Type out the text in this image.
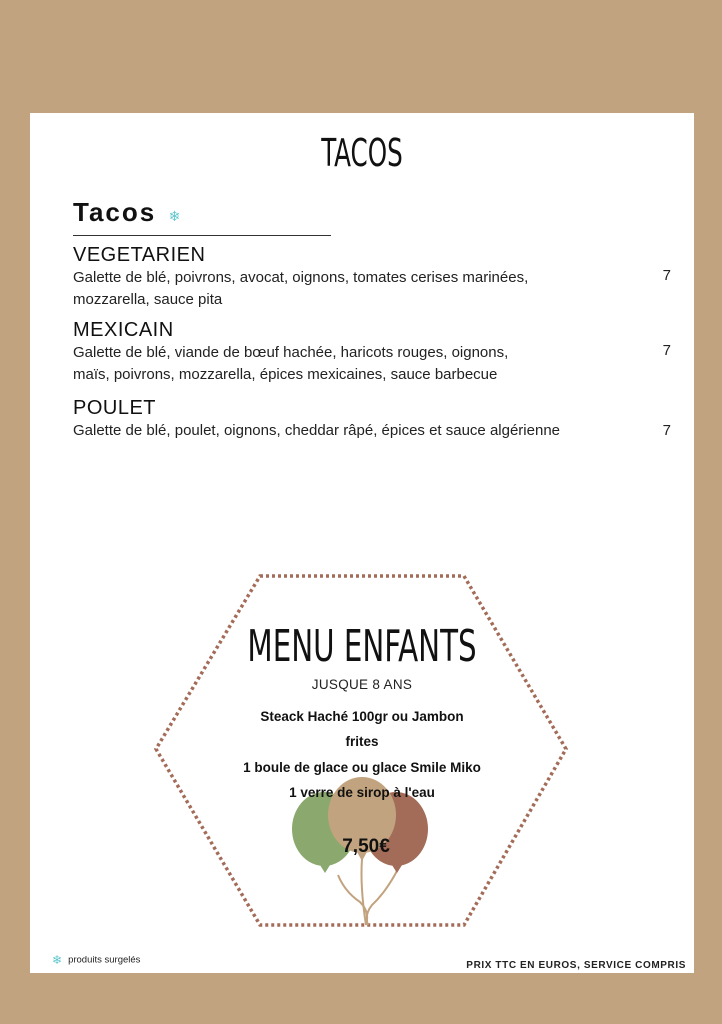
TACOS
Tacos ❄
VEGETARIEN
Galette de blé, poivrons, avocat, oignons, tomates cerises marinées,
mozzarella, sauce pita
7
MEXICAIN
Galette de blé, viande de bœuf hachée, haricots rouges, oignons,
maïs, poivrons, mozzarella, épices mexicaines, sauce barbecue
7
POULET
Galette de blé, poulet, oignons, cheddar râpé, épices et sauce algérienne	7
MENU ENFANTS
JUSQUE 8 ANS
Steack Haché 100gr ou Jambon
frites
1 boule de glace ou glace Smile Miko
1 verre de sirop à l'eau
7,50€
❄ produits surgelés	PRIX TTC EN EUROS, SERVICE COMPRIS
